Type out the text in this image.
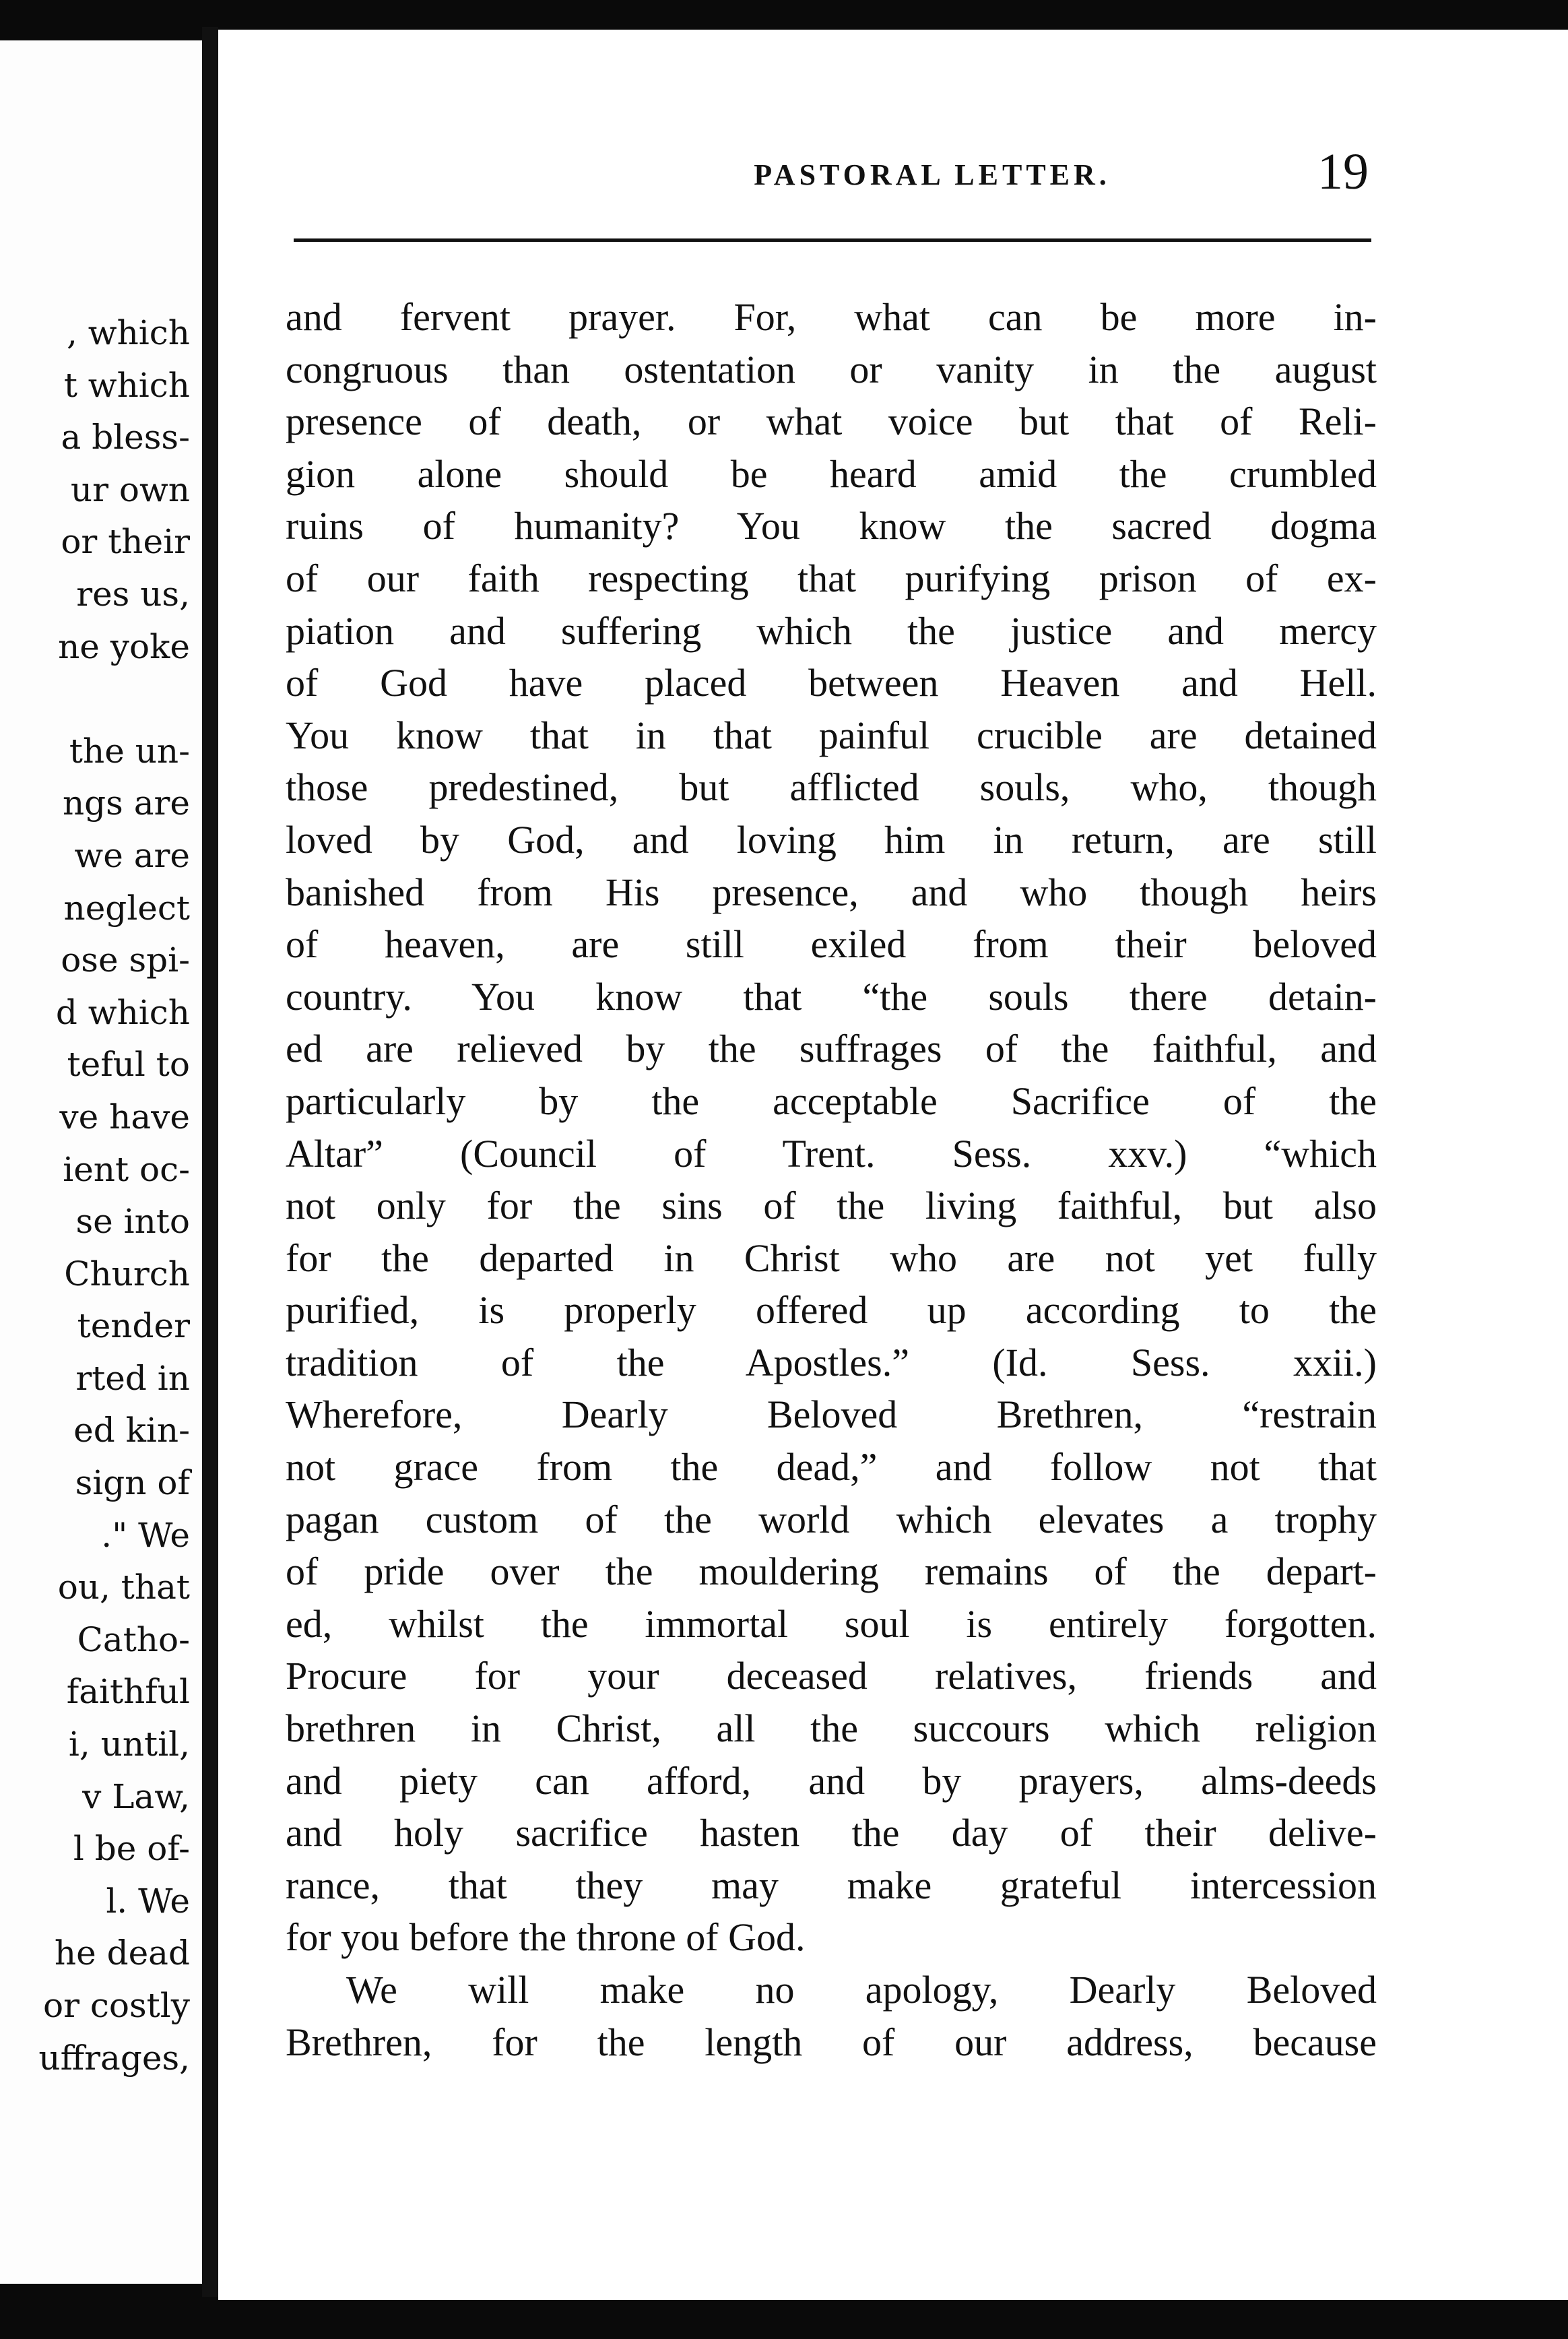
, which
t which
a bless-
ur own
or their
res us,
ne yoke
the un-
ngs are
we are
neglect
ose spi-
d which
teful to
ve have
ient oc-
se into
Church
tender
rted in
ed kin-
sign of
." We
ou, that
Catho-
faithful
i, until,
v Law,
l be of-
l. We
he dead
or costly
uffrages,
PASTORAL LETTER.	19
and fervent prayer. For, what can be more in-
congruous than ostentation or vanity in the august
presence of death, or what voice but that of Reli-
gion alone should be heard amid the crumbled
ruins of humanity? You know the sacred dogma
of our faith respecting that purifying prison of ex-
piation and suffering which the justice and mercy
of God have placed between Heaven and Hell.
You know that in that painful crucible are detained
those predestined, but afflicted souls, who, though
loved by God, and loving him in return, are still
banished from His presence, and who though heirs
of heaven, are still exiled from their beloved
country. You know that “the souls there detain-
ed are relieved by the suffrages of the faithful, and
particularly by the acceptable Sacrifice of the
Altar” (Council of Trent. Sess. xxv.) “which
not only for the sins of the living faithful, but also
for the departed in Christ who are not yet fully
purified, is properly offered up according to the
tradition of the Apostles.” (Id. Sess. xxii.)
Wherefore, Dearly Beloved Brethren, “restrain
not grace from the dead,” and follow not that
pagan custom of the world which elevates a trophy
of pride over the mouldering remains of the depart-
ed, whilst the immortal soul is entirely forgotten.
Procure for your deceased relatives, friends and
brethren in Christ, all the succours which religion
and piety can afford, and by prayers, alms-deeds
and holy sacrifice hasten the day of their delive-
rance, that they may make grateful intercession
for you before the throne of God.
We will make no apology, Dearly Beloved
Brethren, for the length of our address, because
